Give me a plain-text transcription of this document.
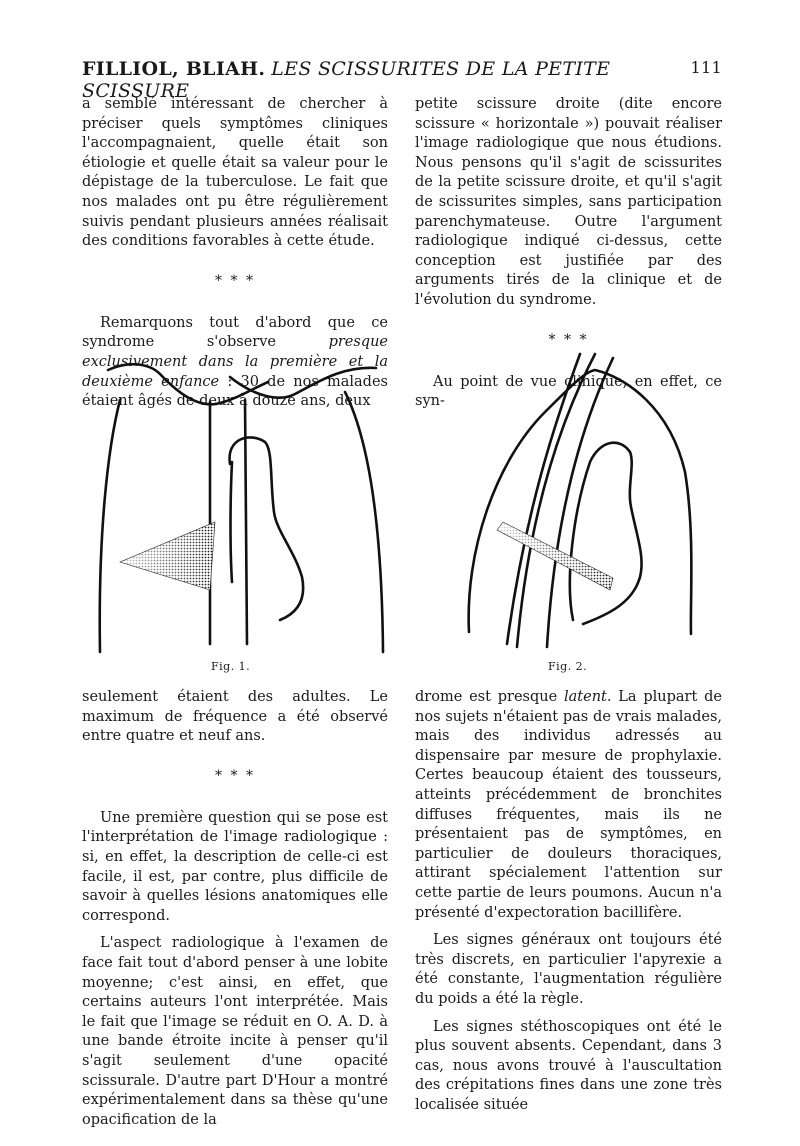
FILLIOL, BLIAH. LES SCISSURITES DE LA PETITE SCISSURE
111

a semblé intéressant de chercher à préciser quels symptômes cliniques l'accompagnaient, quelle était son étiologie et quelle était sa valeur pour le dépistage de la tuberculose. Le fait que nos malades ont pu être régulièrement suivis pendant plusieurs années réalisait des conditions favorables à cette étude.

* * *

Remarquons tout d'abord que ce syndrome s'observe presque exclusivement dans la première et la deuxième enfance : 30 de nos malades étaient âgés de deux à douze ans, deux

petite scissure droite (dite encore scissure « horizontale ») pouvait réaliser l'image radiologique que nous étudions. Nous pensons qu'il s'agit de scissurites de la petite scissure droite, et qu'il s'agit de scissurites simples, sans participation parenchymateuse. Outre l'argument radiologique indiqué ci-dessus, cette conception est justifiée par des arguments tirés de la clinique et de l'évolution du syndrome.

* * *

Au point de vue clinique, en effet, ce syn-

Fig. 1.	Fig. 2.

seulement étaient des adultes. Le maximum de fréquence a été observé entre quatre et neuf ans.

* * *

Une première question qui se pose est l'interprétation de l'image radiologique : si, en effet, la description de celle-ci est facile, il est, par contre, plus difficile de savoir à quelles lésions anatomiques elle correspond.

L'aspect radiologique à l'examen de face fait tout d'abord penser à une lobite moyenne; c'est ainsi, en effet, que certains auteurs l'ont interprétée. Mais le fait que l'image se réduit en O. A. D. à une bande étroite incite à penser qu'il s'agit seulement d'une opacité scissurale. D'autre part D'Hour a montré expérimentalement dans sa thèse qu'une opacification de la

drome est presque latent. La plupart de nos sujets n'étaient pas de vrais malades, mais des individus adressés au dispensaire par mesure de prophylaxie. Certes beaucoup étaient des tousseurs, atteints précédemment de bronchites diffuses fréquentes, mais ils ne présentaient pas de symptômes, en particulier de douleurs thoraciques, attirant spécialement l'attention sur cette partie de leurs poumons. Aucun n'a présenté d'expectoration bacillifère.

Les signes généraux ont toujours été très discrets, en particulier l'apyrexie a été constante, l'augmentation régulière du poids a été la règle.

Les signes stéthoscopiques ont été le plus souvent absents. Cependant, dans 3 cas, nous avons trouvé à l'auscultation des crépitations fines dans une zone très localisée située
